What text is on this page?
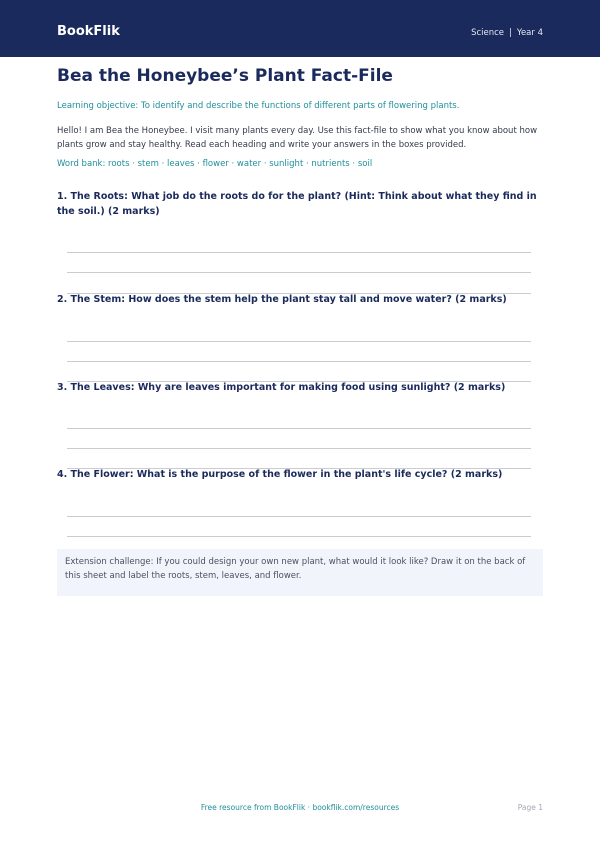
BookFlik	Science | Year 4
Bea the Honeybee’s Plant Fact-File
Learning objective: To identify and describe the functions of different parts of flowering plants.
Hello! I am Bea the Honeybee. I visit many plants every day. Use this fact-file to show what you know about how plants grow and stay healthy. Read each heading and write your answers in the boxes provided.
Word bank: roots · stem · leaves · flower · water · sunlight · nutrients · soil
1. The Roots: What job do the roots do for the plant? (Hint: Think about what they find in the soil.) (2 marks)
2. The Stem: How does the stem help the plant stay tall and move water? (2 marks)
3. The Leaves: Why are leaves important for making food using sunlight? (2 marks)
4. The Flower: What is the purpose of the flower in the plant's life cycle? (2 marks)

Extension challenge: If you could design your own new plant, what would it look like? Draw it on the back of this sheet and label the roots, stem, leaves, and flower.

Free resource from BookFlik · bookflik.com/resources	Page 1
